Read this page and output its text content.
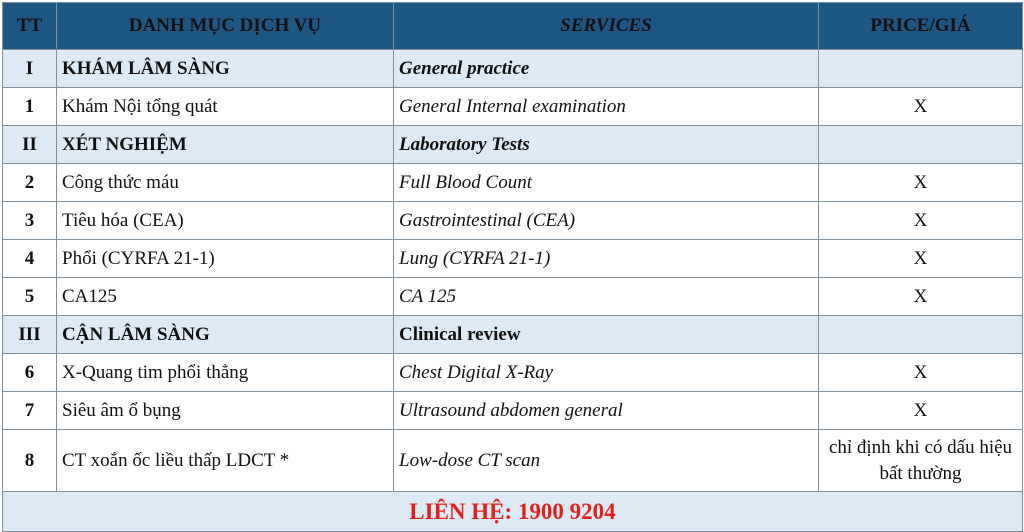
TT	DANH MỤC DỊCH VỤ	SERVICES	PRICE/GIÁ
I	KHÁM LÂM SÀNG	General practice	
1	Khám Nội tổng quát	General Internal examination	X
II	XÉT NGHIỆM	Laboratory Tests	
2	Công thức máu	Full Blood Count	X
3	Tiêu hóa (CEA)	Gastrointestinal (CEA)	X
4	Phổi (CYRFA 21-1)	Lung (CYRFA 21-1)	X
5	CA125	CA 125	X
III	CẬN LÂM SÀNG	Clinical review	
6	X-Quang tim phổi thẳng	Chest Digital X-Ray	X
7	Siêu âm ổ bụng	Ultrasound abdomen general	X
8	CT xoắn ốc liều thấp LDCT *	Low-dose CT scan	chỉ định khi có dấu hiệu bất thường
LIÊN HỆ: 1900 9204			
